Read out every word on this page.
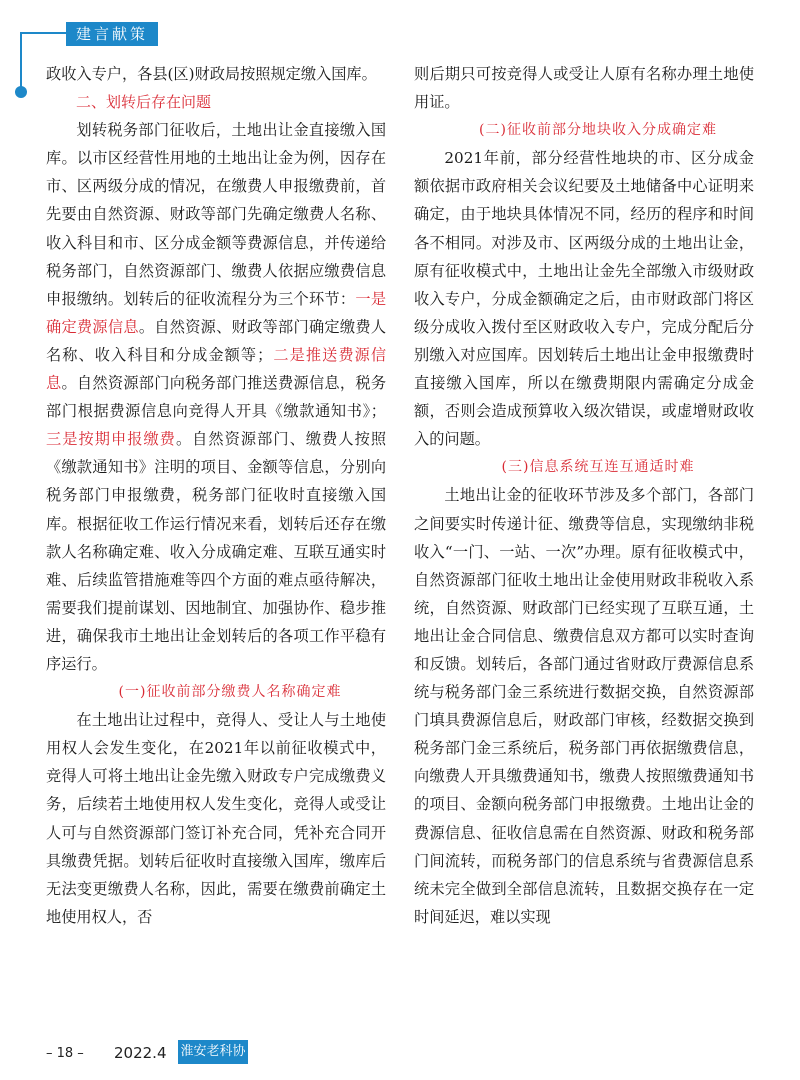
建言献策

政收入专户，各县(区)财政局按照规定缴入国库。

二、划转后存在问题

划转税务部门征收后，土地出让金直接缴入国库。以市区经营性用地的土地出让金为例，因存在市、区两级分成的情况，在缴费人申报缴费前，首先要由自然资源、财政等部门先确定缴费人名称、收入科目和市、区分成金额等费源信息，并传递给税务部门，自然资源部门、缴费人依据应缴费信息申报缴纳。划转后的征收流程分为三个环节：一是确定费源信息。自然资源、财政等部门确定缴费人名称、收入科目和分成金额等；二是推送费源信息。自然资源部门向税务部门推送费源信息，税务部门根据费源信息向竞得人开具《缴款通知书》；三是按期申报缴费。自然资源部门、缴费人按照《缴款通知书》注明的项目、金额等信息，分别向税务部门申报缴费，税务部门征收时直接缴入国库。根据征收工作运行情况来看，划转后还存在缴款人名称确定难、收入分成确定难、互联互通实时难、后续监管措施难等四个方面的难点亟待解决，需要我们提前谋划、因地制宜、加强协作、稳步推进，确保我市土地出让金划转后的各项工作平稳有序运行。

(一)征收前部分缴费人名称确定难

在土地出让过程中，竞得人、受让人与土地使用权人会发生变化，在2021年以前征收模式中，竞得人可将土地出让金先缴入财政专户完成缴费义务，后续若土地使用权人发生变化，竞得人或受让人可与自然资源部门签订补充合同，凭补充合同开具缴费凭据。划转后征收时直接缴入国库，缴库后无法变更缴费人名称，因此，需要在缴费前确定土地使用权人，否

则后期只可按竞得人或受让人原有名称办理土地使用证。

(二)征收前部分地块收入分成确定难

2021年前，部分经营性地块的市、区分成金额依据市政府相关会议纪要及土地储备中心证明来确定，由于地块具体情况不同，经历的程序和时间各不相同。对涉及市、区两级分成的土地出让金，原有征收模式中，土地出让金先全部缴入市级财政收入专户，分成金额确定之后，由市财政部门将区级分成收入拨付至区财政收入专户，完成分配后分别缴入对应国库。因划转后土地出让金申报缴费时直接缴入国库，所以在缴费期限内需确定分成金额，否则会造成预算收入级次错误，或虚增财政收入的问题。

(三)信息系统互连互通适时难

土地出让金的征收环节涉及多个部门，各部门之间要实时传递计征、缴费等信息，实现缴纳非税收入“一门、一站、一次”办理。原有征收模式中，自然资源部门征收土地出让金使用财政非税收入系统，自然资源、财政部门已经实现了互联互通，土地出让金合同信息、缴费信息双方都可以实时查询和反馈。划转后，各部门通过省财政厅费源信息系统与税务部门金三系统进行数据交换，自然资源部门填具费源信息后，财政部门审核，经数据交换到税务部门金三系统后，税务部门再依据缴费信息，向缴费人开具缴费通知书，缴费人按照缴费通知书的项目、金额向税务部门申报缴费。土地出让金的费源信息、征收信息需在自然资源、财政和税务部门间流转，而税务部门的信息系统与省费源信息系统未完全做到全部信息流转，且数据交换存在一定时间延迟，难以实现

– 18 – 2022.4 淮安老科协
